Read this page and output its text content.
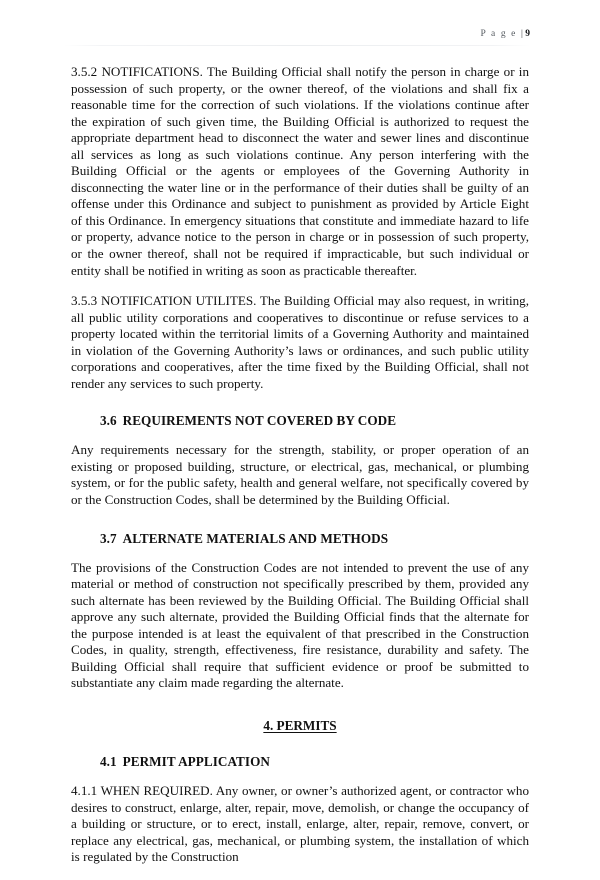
P a g e | 9

3.5.2 NOTIFICATIONS. The Building Official shall notify the person in charge or in possession of such property, or the owner thereof, of the violations and shall fix a reasonable time for the correction of such violations. If the violations continue after the expiration of such given time, the Building Official is authorized to request the appropriate department head to disconnect the water and sewer lines and discontinue all services as long as such violations continue. Any person interfering with the Building Official or the agents or employees of the Governing Authority in disconnecting the water line or in the performance of their duties shall be guilty of an offense under this Ordinance and subject to punishment as provided by Article Eight of this Ordinance. In emergency situations that constitute and immediate hazard to life or property, advance notice to the person in charge or in possession of such property, or the owner thereof, shall not be required if impracticable, but such individual or entity shall be notified in writing as soon as practicable thereafter.

3.5.3 NOTIFICATION UTILITES. The Building Official may also request, in writing, all public utility corporations and cooperatives to discontinue or refuse services to a property located within the territorial limits of a Governing Authority and maintained in violation of the Governing Authority’s laws or ordinances, and such public utility corporations and cooperatives, after the time fixed by the Building Official, shall not render any services to such property.

3.6 REQUIREMENTS NOT COVERED BY CODE

Any requirements necessary for the strength, stability, or proper operation of an existing or proposed building, structure, or electrical, gas, mechanical, or plumbing system, or for the public safety, health and general welfare, not specifically covered by or the Construction Codes, shall be determined by the Building Official.

3.7 ALTERNATE MATERIALS AND METHODS

The provisions of the Construction Codes are not intended to prevent the use of any material or method of construction not specifically prescribed by them, provided any such alternate has been reviewed by the Building Official. The Building Official shall approve any such alternate, provided the Building Official finds that the alternate for the purpose intended is at least the equivalent of that prescribed in the Construction Codes, in quality, strength, effectiveness, fire resistance, durability and safety. The Building Official shall require that sufficient evidence or proof be submitted to substantiate any claim made regarding the alternate.

4. PERMITS
4.1 PERMIT APPLICATION

4.1.1 WHEN REQUIRED. Any owner, or owner’s authorized agent, or contractor who desires to construct, enlarge, alter, repair, move, demolish, or change the occupancy of a building or structure, or to erect, install, enlarge, alter, repair, remove, convert, or replace any electrical, gas, mechanical, or plumbing system, the installation of which is regulated by the Construction
